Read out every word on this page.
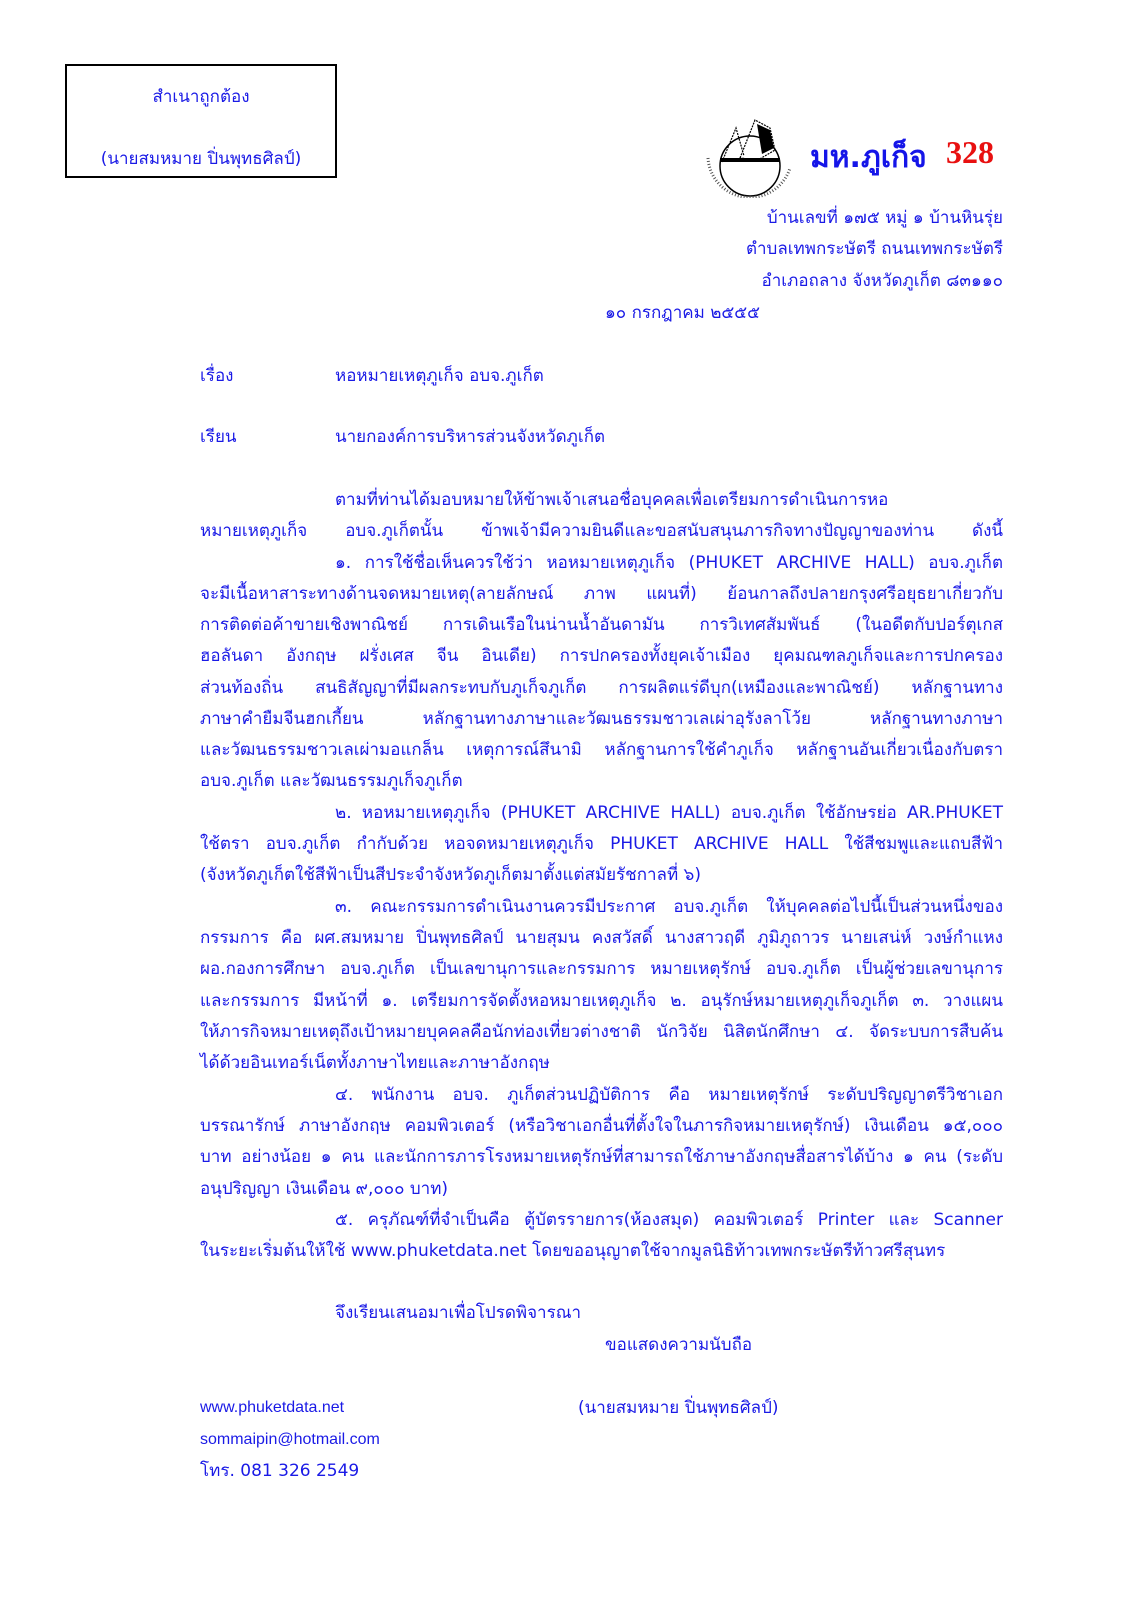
สำเนาถูกต้อง
(นายสมหมาย ปิ่นพุทธศิลป์)	มห.ภูเก็จ 328
บ้านเลขที่ ๑๗๕ หมู่ ๑ บ้านหินรุ่ย
ตำบลเทพกระษัตรี ถนนเทพกระษัตรี
อำเภอถลาง จังหวัดภูเก็ต ๘๓๑๑๐
๑๐ กรกฎาคม ๒๕๕๕
เรื่อง	หอหมายเหตุภูเก็จ อบจ.ภูเก็ต
เรียน	นายกองค์การบริหารส่วนจังหวัดภูเก็ต
ตามที่ท่านได้มอบหมายให้ข้าพเจ้าเสนอชื่อบุคคลเพื่อเตรียมการดำเนินการหอ
หมายเหตุภูเก็จ อบจ.ภูเก็ตนั้น ข้าพเจ้ามีความยินดีและขอสนับสนุนภารกิจทางปัญญาของท่าน ดังนี้
๑. การใช้ชื่อเห็นควรใช้ว่า หอหมายเหตุภูเก็จ (PHUKET ARCHIVE HALL) อบจ.ภูเก็ต
จะมีเนื้อหาสาระทางด้านจดหมายเหตุ(ลายลักษณ์ ภาพ แผนที่) ย้อนกาลถึงปลายกรุงศรีอยุธยาเกี่ยวกับ
การติดต่อค้าขายเชิงพาณิชย์ การเดินเรือในน่านน้ำอันดามัน การวิเทศสัมพันธ์ (ในอดีตกับปอร์ตุเกส
ฮอลันดา อังกฤษ ฝรั่งเศส จีน อินเดีย) การปกครองทั้งยุคเจ้าเมือง ยุคมณฑลภูเก็จและการปกครอง
ส่วนท้องถิ่น สนธิสัญญาที่มีผลกระทบกับภูเก็จภูเก็ต การผลิตแร่ดีบุก(เหมืองและพาณิชย์) หลักฐานทาง
ภาษาคำยืมจีนฮกเกี้ยน หลักฐานทางภาษาและวัฒนธรรมชาวเลเผ่าอุรังลาโว้ย หลักฐานทางภาษา
และวัฒนธรรมชาวเลเผ่ามอแกล็น เหตุการณ์สึนามิ หลักฐานการใช้คำภูเก็จ หลักฐานอันเกี่ยวเนื่องกับตรา
อบจ.ภูเก็ต และวัฒนธรรมภูเก็จภูเก็ต
๒. หอหมายเหตุภูเก็จ (PHUKET ARCHIVE HALL) อบจ.ภูเก็ต ใช้อักษรย่อ AR.PHUKET
ใช้ตรา อบจ.ภูเก็ต กำกับด้วย หอจดหมายเหตุภูเก็จ PHUKET ARCHIVE HALL ใช้สีชมพูและแถบสีฟ้า
(จังหวัดภูเก็ตใช้สีฟ้าเป็นสีประจำจังหวัดภูเก็ตมาตั้งแต่สมัยรัชกาลที่ ๖)
๓. คณะกรรมการดำเนินงานควรมีประกาศ อบจ.ภูเก็ต ให้บุคคลต่อไปนี้เป็นส่วนหนึ่งของ
กรรมการ คือ ผศ.สมหมาย ปิ่นพุทธศิลป์ นายสุมน คงสวัสดิ์ นางสาวฤดี ภูมิภูถาวร นายเสน่ห์ วงษ์กำแหง
ผอ.กองการศึกษา อบจ.ภูเก็ต เป็นเลขานุการและกรรมการ หมายเหตุรักษ์ อบจ.ภูเก็ต เป็นผู้ช่วยเลขานุการ
และกรรมการ มีหน้าที่ ๑. เตรียมการจัดตั้งหอหมายเหตุภูเก็จ ๒. อนุรักษ์หมายเหตุภูเก็จภูเก็ต ๓. วางแผน
ให้ภารกิจหมายเหตุถึงเป้าหมายบุคคลคือนักท่องเที่ยวต่างชาติ นักวิจัย นิสิตนักศึกษา ๔. จัดระบบการสืบค้น
ได้ด้วยอินเทอร์เน็ตทั้งภาษาไทยและภาษาอังกฤษ
๔. พนักงาน อบจ. ภูเก็ตส่วนปฏิบัติการ คือ หมายเหตุรักษ์ ระดับปริญญาตรีวิชาเอก
บรรณารักษ์ ภาษาอังกฤษ คอมพิวเตอร์ (หรือวิชาเอกอื่นที่ตั้งใจในภารกิจหมายเหตุรักษ์) เงินเดือน ๑๕,๐๐๐
บาท อย่างน้อย ๑ คน และนักการภารโรงหมายเหตุรักษ์ที่สามารถใช้ภาษาอังกฤษสื่อสารได้บ้าง ๑ คน (ระดับ
อนุปริญญา เงินเดือน ๙,๐๐๐ บาท)
๕. ครุภัณฑ์ที่จำเป็นคือ ตู้บัตรรายการ(ห้องสมุด) คอมพิวเตอร์ Printer และ Scanner
ในระยะเริ่มต้นให้ใช้ www.phuketdata.net โดยขออนุญาตใช้จากมูลนิธิท้าวเทพกระษัตรีท้าวศรีสุนทร
จึงเรียนเสนอมาเพื่อโปรดพิจารณา
ขอแสดงความนับถือ
(นายสมหมาย ปิ่นพุทธศิลป์)
www.phuketdata.net
sommaipin@hotmail.com
โทร. 081 326 2549
